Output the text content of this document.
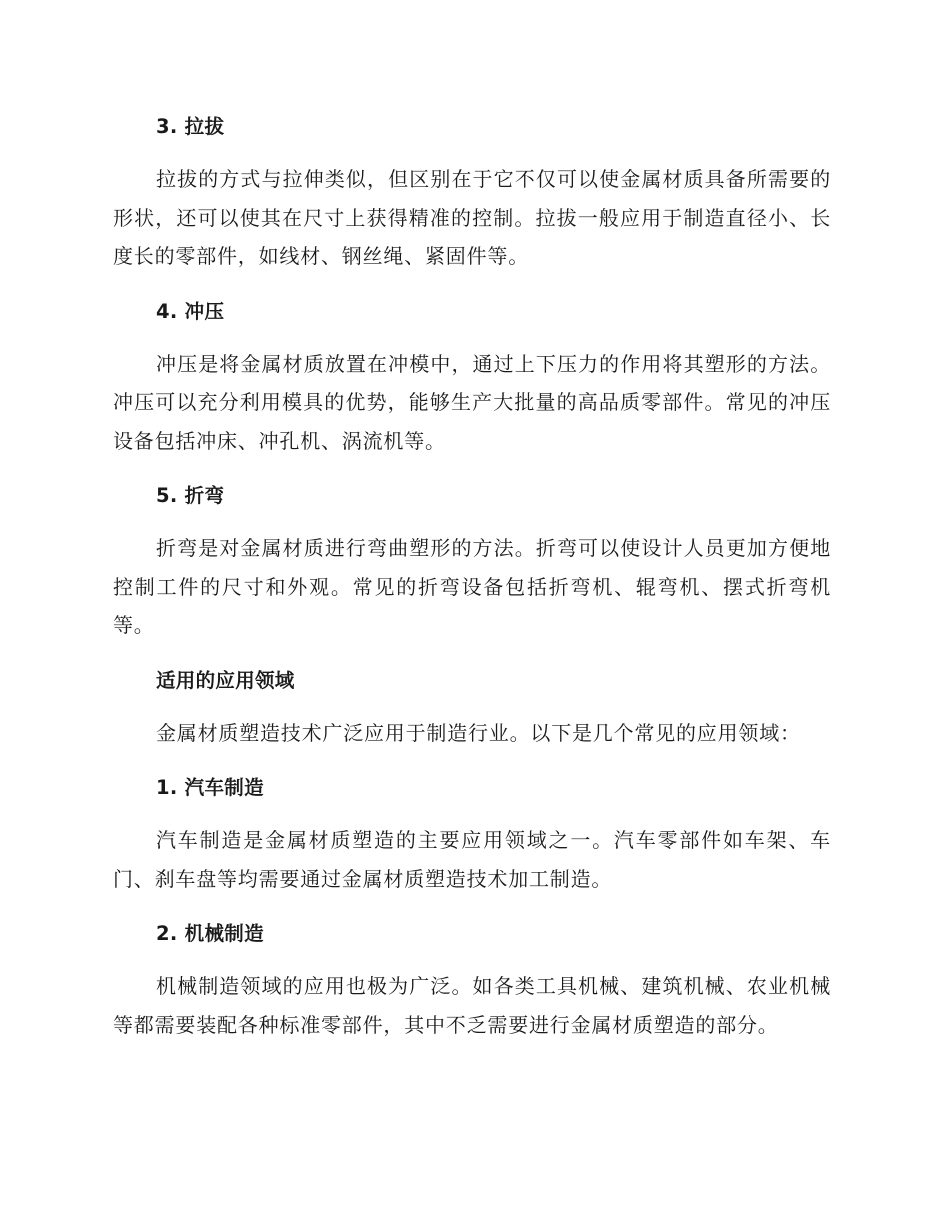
3. 拉拔

拉拔的方式与拉伸类似，但区别在于它不仅可以使金属材质具备所需要的形状，还可以使其在尺寸上获得精准的控制。拉拔一般应用于制造直径小、长度长的零部件，如线材、钢丝绳、紧固件等。

4. 冲压

冲压是将金属材质放置在冲模中，通过上下压力的作用将其塑形的方法。冲压可以充分利用模具的优势，能够生产大批量的高品质零部件。常见的冲压设备包括冲床、冲孔机、涡流机等。

5. 折弯

折弯是对金属材质进行弯曲塑形的方法。折弯可以使设计人员更加方便地控制工件的尺寸和外观。常见的折弯设备包括折弯机、辊弯机、摆式折弯机等。

适用的应用领域

金属材质塑造技术广泛应用于制造行业。以下是几个常见的应用领域：

1. 汽车制造

汽车制造是金属材质塑造的主要应用领域之一。汽车零部件如车架、车门、刹车盘等均需要通过金属材质塑造技术加工制造。

2. 机械制造

机械制造领域的应用也极为广泛。如各类工具机械、建筑机械、农业机械等都需要装配各种标准零部件，其中不乏需要进行金属材质塑造的部分。
